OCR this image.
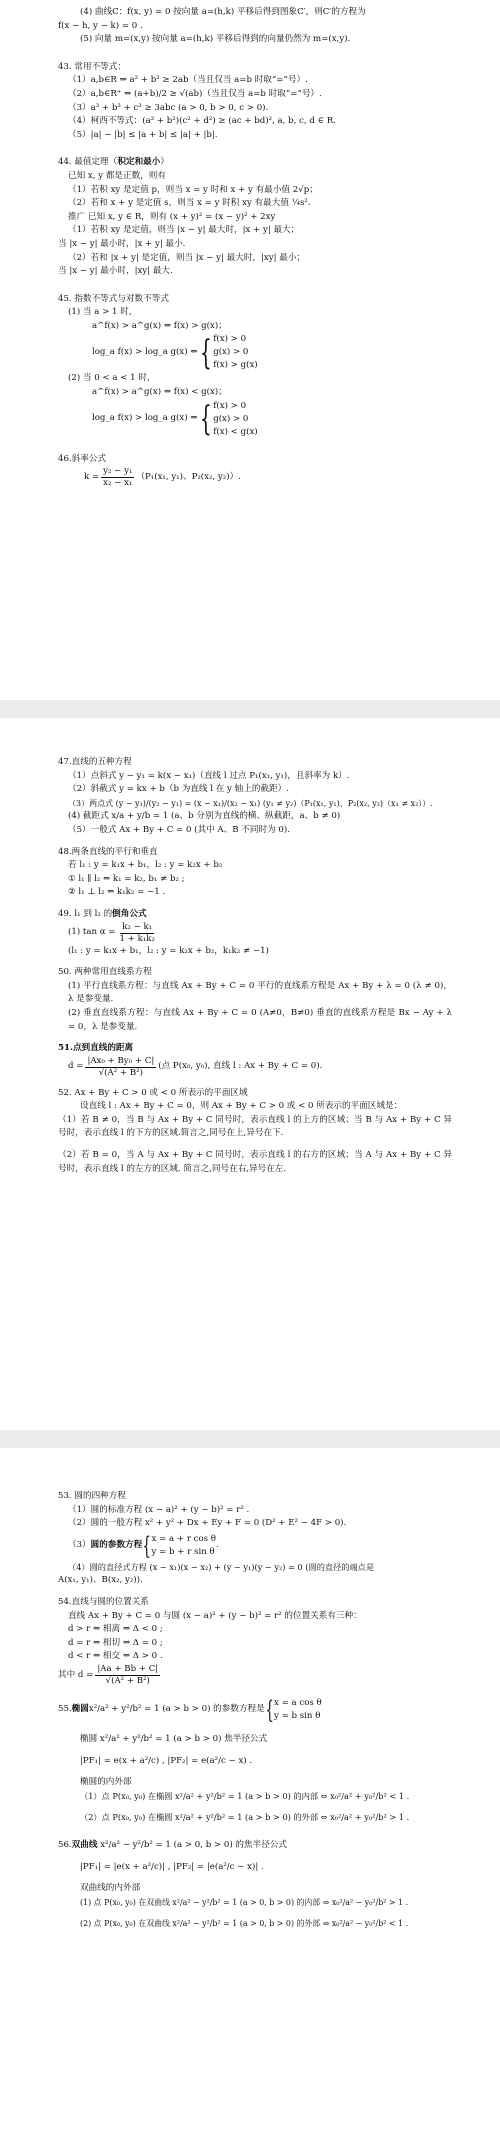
(4) 曲线C：f(x, y) = 0 按向量 a=(h,k) 平移后得到图象C′，则C′的方程为
f(x − h, y − k) = 0 .
(5) 向量 m=(x,y) 按向量 a=(h,k) 平移后得到的向量仍然为 m=(x,y).
43. 常用不等式：
（1）a,b∈R ⇒ a² + b² ≥ 2ab（当且仅当 a=b 时取“=”号）.
（2）a,b∈R⁺ ⇒ (a+b)/2 ≥ √(ab)（当且仅当 a=b 时取“=”号）.
（3）a³ + b³ + c³ ≥ 3abc (a > 0, b > 0, c > 0).
（4）柯西不等式：(a² + b²)(c² + d²) ≥ (ac + bd)², a, b, c, d ∈ R.
（5）|a| − |b| ≤ |a + b| ≤ |a| + |b|.
44. 最值定理（积定和最小）
已知 x, y 都是正数，则有
（1）若积 xy 是定值 p，则当 x = y 时和 x + y 有最小值 2√p；
（2）若和 x + y 是定值 s，则当 x = y 时积 xy 有最大值 ¼s².
推广 已知 x, y ∈ R，则有 (x + y)² = (x − y)² + 2xy
（1）若积 xy 是定值，则当 |x − y| 最大时，|x + y| 最大；
当 |x − y| 最小时，|x + y| 最小.
（2）若和 |x + y| 是定值，则当 |x − y| 最大时，|xy| 最小；
当 |x − y| 最小时，|xy| 最大.
45. 指数不等式与对数不等式
(1) 当 a > 1 时，
a^f(x) > a^g(x) ⇔ f(x) > g(x)；
log_a f(x) > log_a g(x) ⇔ { f(x) > 0
g(x) > 0
f(x) > g(x)
(2) 当 0 < a < 1 时，
a^f(x) > a^g(x) ⇔ f(x) < g(x)；
log_a f(x) > log_a g(x) ⇔ { f(x) > 0
g(x) > 0
f(x) < g(x)
46.斜率公式
$k = \frac{\text{y₂ − y₁}}{\text{x₂ − x₁}} (P_1(x_1$, y₁)、P₂(x₂, y₂)）.
47.直线的五种方程
（1）点斜式 y − y₁ = k(x − x₁)（直线 l 过点 P₁(x₁, y₁)，且斜率为 k）.
（2）斜截式 y = kx + b（b 为直线 l 在 y 轴上的截距）.
（3）两点式 (y − y₁)/(y₂ − y₁) = (x − x₁)/(x₂ − x₁) (y₁ ≠ y₂)（P₁(x₁, y₁)、P₂(x₂, y₂)（x₁ ≠ x₂））.
(4) 截距式 x/a + y/b = 1 (a、b 分别为直线的横、纵截距，a、b ≠ 0)
（5）一般式 Ax + By + C = 0 (其中 A、B 不同时为 0).
48.两条直线的平行和垂直
若 l₁ : y = k₁x + b₁，l₂ : y = k₂x + b₂
① l₁ ∥ l₂ ⇔ k₁ = k₂, b₁ ≠ b₂ ;
② l₁ ⊥ l₂ ⇔ k₁k₂ = −1 .
49. l₁ 到 l₂ 的倒角公式
(1) $\tan \alpha = \frac{\text{k₂ − k₁}}{\text{1 + k₁k₂}}$
(l₁ : y = k₁x + b₁，l₂ : y = k₂x + b₂，k₁k₂ ≠ −1)
50. 两种常用直线系方程
(1) 平行直线系方程：与直线 Ax + By + C = 0 平行的直线系方程是 Ax + By + λ = 0 (λ ≠ 0)，λ 是参变量.
(2) 垂直直线系方程：与直线 Ax + By + C = 0 (A≠0，B≠0) 垂直的直线系方程是 Bx − Ay + λ = 0，λ 是参变量.
51.点到直线的距离
$d = \frac{\text{|Ax₀ + By₀ + C|}}{\text{√(A² + B²)}}$ (点 P(x₀, y₀), 直线 l : Ax + By + C = 0).
52. Ax + By + C > 0 或 < 0 所表示的平面区域
设直线 l : Ax + By + C = 0，则 Ax + By + C > 0 或 < 0 所表示的平面区域是：
（1）若 B ≠ 0，当 B 与 Ax + By + C 同号时，表示直线 l 的上方的区域；当 B 与 Ax + By + C 异号时，表示直线 l 的下方的区域.简言之,同号在上,异号在下.
（2）若 B = 0，当 A 与 Ax + By + C 同号时，表示直线 l 的右方的区域；当 A 与 Ax + By + C 异号时，表示直线 l 的左方的区域. 简言之,同号在右,异号在左.
53. 圆的四种方程
（1）圆的标准方程 (x − a)² + (y − b)² = r² .
（2）圆的一般方程 x² + y² + Dx + Ey + F = 0 (D² + E² − 4F > 0).
（3） 圆的参数方程 { x = a + r cos θ
y = b + r sin θ
.
（4）圆的直径式方程 (x − x₁)(x − x₂) + (y − y₁)(y − y₂) = 0 (圆的直径的端点是
A(x₁, y₁)、B(x₂, y₂)).
54.直线与圆的位置关系
直线 Ax + By + C = 0 与圆 (x − a)² + (y − b)² = r² 的位置关系有三种：
d > r ⇔ 相离 ⇔ Δ < 0 ;
d = r ⇔ 相切 ⇔ Δ = 0 ;
d < r ⇔ 相交 ⇔ Δ > 0 .
其中 $d = \frac{|Aa + Bb + C|}{\text{√(A² + B²)}}$
55. 椭圆 x²/a² + y²/b² = 1 (a > b > 0) 的参数方程是 { x = a cos θ
y = b sin θ
椭圆 x²/a² + y²/b² = 1 (a > b > 0) 焦半径公式
|PF₁| = e(x + a²/c) , |PF₂| = e(a²/c − x) .
椭圆的内外部
（1）点 P(x₀, y₀) 在椭圆 x²/a² + y²/b² = 1 (a > b > 0) 的内部 ⇔ x₀²/a² + y₀²/b² < 1 .
（2）点 P(x₀, y₀) 在椭圆 x²/a² + y²/b² = 1 (a > b > 0) 的外部 ⇔ x₀²/a² + y₀²/b² > 1 .
56.双曲线 x²/a² − y²/b² = 1 (a > 0, b > 0) 的焦半径公式
|PF₁| = |e(x + a²/c)| , |PF₂| = |e(a²/c − x)| .
双曲线的内外部
(1) 点 P(x₀, y₀) 在双曲线 x²/a² − y²/b² = 1 (a > 0, b > 0) 的内部 ⇔ x₀²/a² − y₀²/b² > 1 .
(2) 点 P(x₀, y₀) 在双曲线 x²/a² − y²/b² = 1 (a > 0, b > 0) 的外部 ⇔ x₀²/a² − y₀²/b² < 1 .
